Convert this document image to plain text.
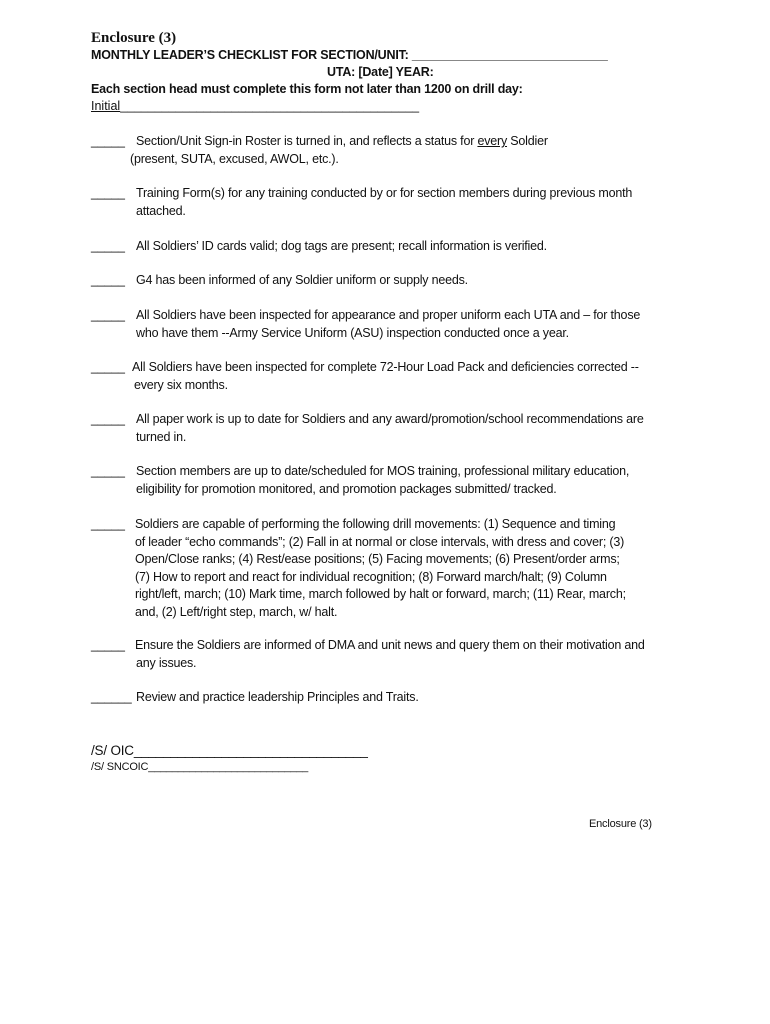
Enclosure (3)
MONTHLY LEADER’S CHECKLIST FOR SECTION/UNIT: _____________________________
UTA: [Date] YEAR:
Each section head must complete this form not later than 1200 on drill day:
Initial___________________________________________
_____ Section/Unit Sign-in Roster is turned in, and reflects a status for every Soldier
(present, SUTA, excused, AWOL, etc.).
_____ Training Form(s) for any training conducted by or for section members during previous month
attached.
_____ All Soldiers’ ID cards valid; dog tags are present; recall information is verified.
_____ G4 has been informed of any Soldier uniform or supply needs.
_____ All Soldiers have been inspected for appearance and proper uniform each UTA and – for those
who have them --Army Service Uniform (ASU) inspection conducted once a year.
_____ All Soldiers have been inspected for complete 72-Hour Load Pack and deficiencies corrected --
every six months.
_____ All paper work is up to date for Soldiers and any award/promotion/school recommendations are
turned in.
_____ Section members are up to date/scheduled for MOS training, professional military education,
eligibility for promotion monitored, and promotion packages submitted/ tracked.
_____ Soldiers are capable of performing the following drill movements: (1) Sequence and timing
of leader “echo commands”; (2) Fall in at normal or close intervals, with dress and cover; (3)
Open/Close ranks; (4) Rest/ease positions; (5) Facing movements; (6) Present/order arms;
(7) How to report and react for individual recognition; (8) Forward march/halt; (9) Column
right/left, march; (10) Mark time, march followed by halt or forward, march; (11) Rear, march;
and, (2) Left/right step, march, w/ halt.
_____ Ensure the Soldiers are informed of DMA and unit news and query them on their motivation and
any issues.
______ Review and practice leadership Principles and Traits.
/S/ OIC________________________________
/S/ SNCOIC___________________________
Enclosure (3)
